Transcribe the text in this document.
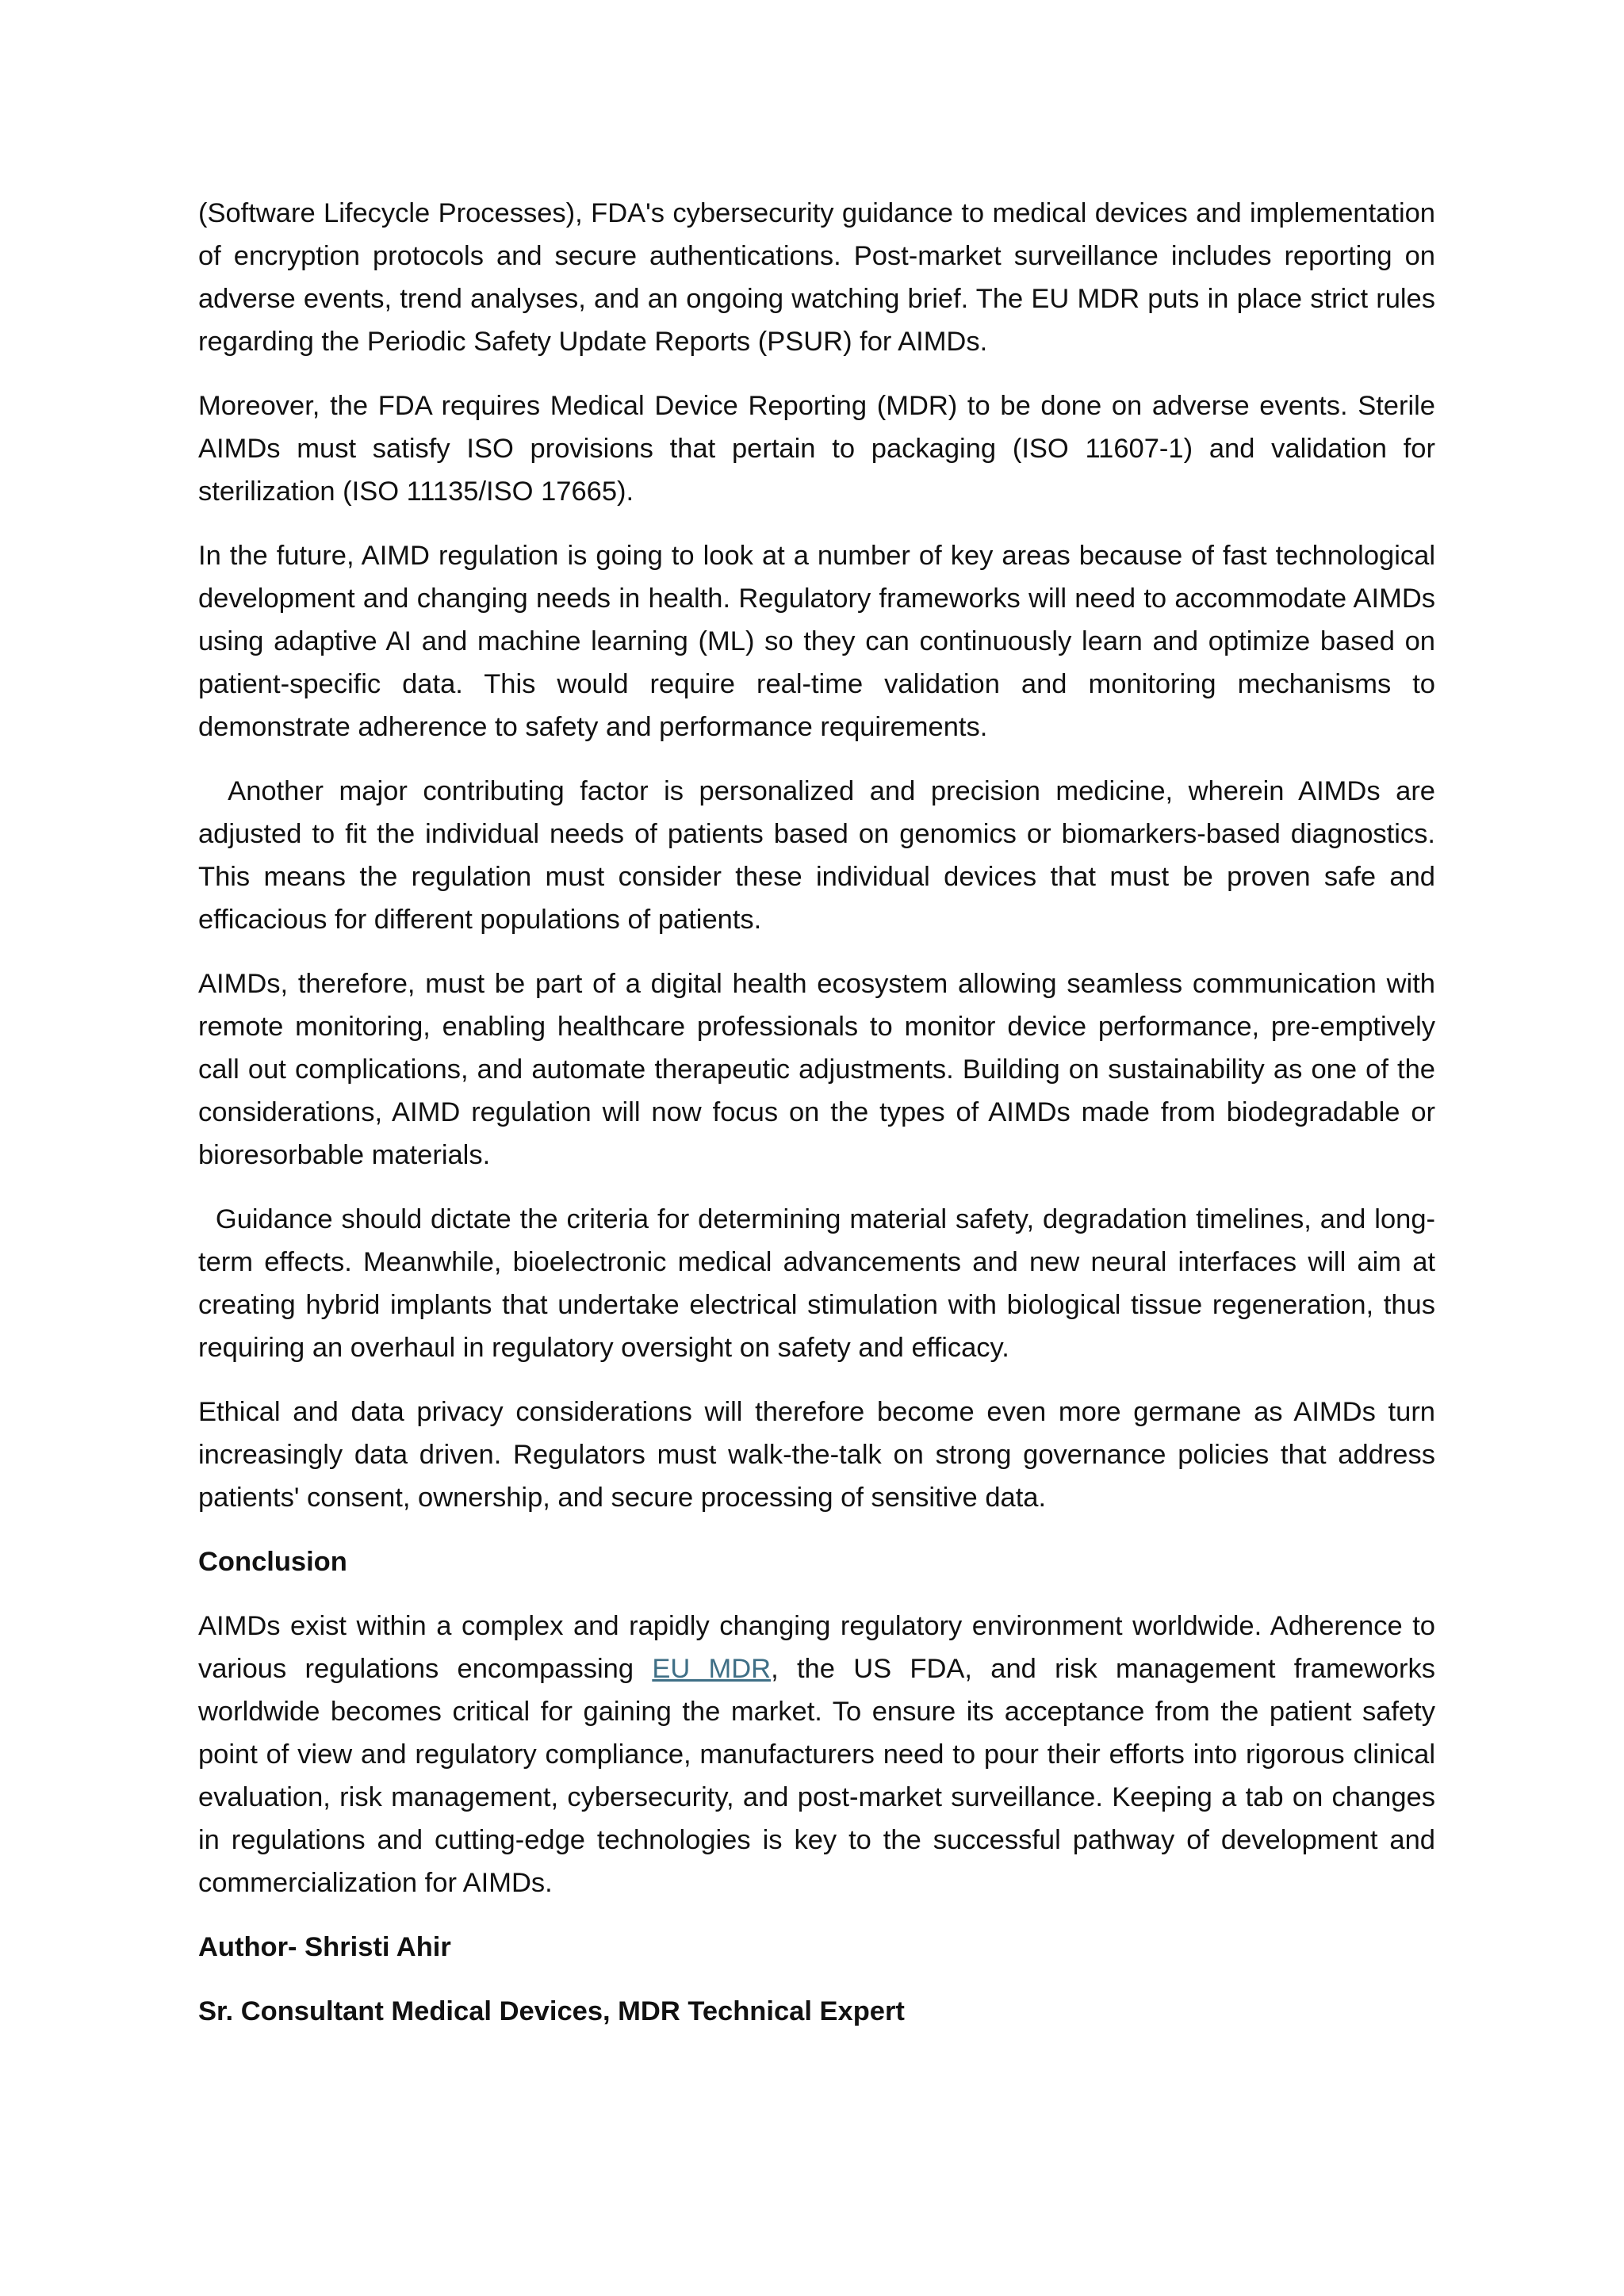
(Software Lifecycle Processes), FDA's cybersecurity guidance to medical devices and implementation of encryption protocols and secure authentications. Post-market surveillance includes reporting on adverse events, trend analyses, and an ongoing watching brief. The EU MDR puts in place strict rules regarding the Periodic Safety Update Reports (PSUR) for AIMDs.

Moreover, the FDA requires Medical Device Reporting (MDR) to be done on adverse events. Sterile AIMDs must satisfy ISO provisions that pertain to packaging (ISO 11607-1) and validation for sterilization (ISO 11135/ISO 17665).

In the future, AIMD regulation is going to look at a number of key areas because of fast technological development and changing needs in health. Regulatory frameworks will need to accommodate AIMDs using adaptive AI and machine learning (ML) so they can continuously learn and optimize based on patient-specific data. This would require real-time validation and monitoring mechanisms to demonstrate adherence to safety and performance requirements.

Another major contributing factor is personalized and precision medicine, wherein AIMDs are adjusted to fit the individual needs of patients based on genomics or biomarkers-based diagnostics. This means the regulation must consider these individual devices that must be proven safe and efficacious for different populations of patients.

AIMDs, therefore, must be part of a digital health ecosystem allowing seamless communication with remote monitoring, enabling healthcare professionals to monitor device performance, pre-emptively call out complications, and automate therapeutic adjustments. Building on sustainability as one of the considerations, AIMD regulation will now focus on the types of AIMDs made from biodegradable or bioresorbable materials.

Guidance should dictate the criteria for determining material safety, degradation timelines, and long-term effects. Meanwhile, bioelectronic medical advancements and new neural interfaces will aim at creating hybrid implants that undertake electrical stimulation with biological tissue regeneration, thus requiring an overhaul in regulatory oversight on safety and efficacy.

Ethical and data privacy considerations will therefore become even more germane as AIMDs turn increasingly data driven. Regulators must walk-the-talk on strong governance policies that address patients' consent, ownership, and secure processing of sensitive data.

Conclusion

AIMDs exist within a complex and rapidly changing regulatory environment worldwide. Adherence to various regulations encompassing EU MDR, the US FDA, and risk management frameworks worldwide becomes critical for gaining the market. To ensure its acceptance from the patient safety point of view and regulatory compliance, manufacturers need to pour their efforts into rigorous clinical evaluation, risk management, cybersecurity, and post-market surveillance. Keeping a tab on changes in regulations and cutting-edge technologies is key to the successful pathway of development and commercialization for AIMDs.

Author- Shristi Ahir

Sr. Consultant Medical Devices, MDR Technical Expert
